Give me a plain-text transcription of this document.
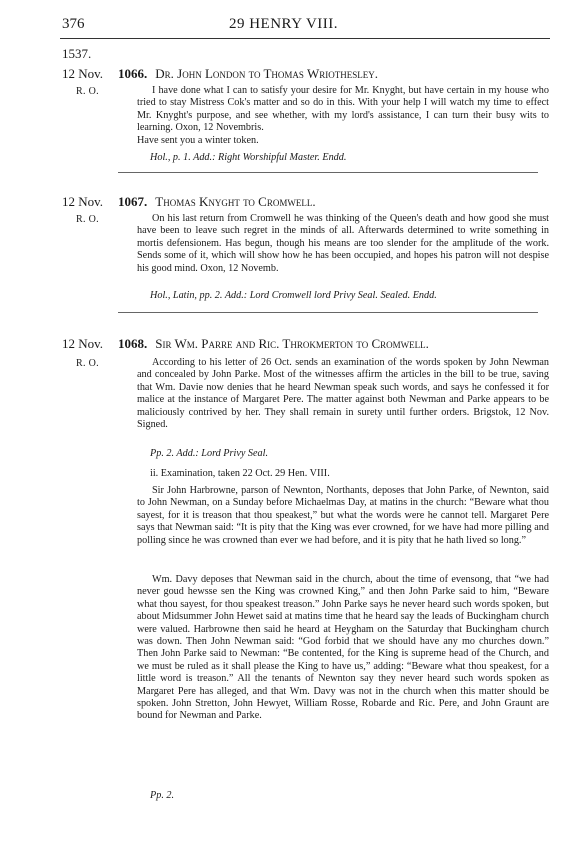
376	29 HENRY VIII.
1537.
12 Nov. 1066. Dr. John London to Thomas Wriothesley.
R. O.	I have done what I can to satisfy your desire for Mr. Knyght, but have certain in my house who tried to stay Mistress Cok's matter and so do in this. With your help I will watch my time to effect Mr. Knyght's purpose, and see whether, with my lord's assistance, I can turn their busy wits to learning. Oxon, 12 Novembris.

Have sent you a winter token.
Hol., p. 1. Add.: Right Worshipful Master. Endd.
12 Nov. 1067. Thomas Knyght to Cromwell.
R. O.	On his last return from Cromwell he was thinking of the Queen's death and how good she must have been to leave such regret in the minds of all. Afterwards determined to write something in mortis defensionem. Has begun, though his means are too slender for the amplitude of the work. Sends some of it, which will show how he has been occupied, and hopes his patron will not despise his good mind. Oxon, 12 Novemb.

Hol., Latin, pp. 2. Add.: Lord Cromwell lord Privy Seal. Sealed. Endd.
12 Nov. 1068. Sir Wm. Parre and Ric. Throkmerton to Cromwell.
R. O.	According to his letter of 26 Oct. sends an examination of the words spoken by John Newman and concealed by John Parke. Most of the witnesses affirm the articles in the bill to be true, saving that Wm. Davie now denies that he heard Newman speak such words, and says he confessed it for malice at the instance of Margaret Pere. The matter against both Newman and Parke appears to be maliciously contrived by her. They shall remain in surety until further orders. Brigstok, 12 Nov. Signed.

Pp. 2. Add.: Lord Privy Seal.
ii. Examination, taken 22 Oct. 29 Hen. VIII.

Sir John Harbrowne, parson of Newnton, Northants, deposes that John Parke, of Newnton, said to John Newman, on a Sunday before Michaelmas Day, at matins in the church: “Beware what thou sayest, for it is treason that thou speakest,” but what the words were he cannot tell. Margaret Pere says that Newman said: “It is pity that the King was ever crowned, for we have had more pilling and polling since he was crowned than ever we had before, and it is pity that he hath lived so long.”

Wm. Davy deposes that Newman said in the church, about the time of evensong, that “we had never goud hewsse sen the King was crowned King,” and then John Parke said to him, “Beware what thou sayest, for thou speakest treason.” John Parke says he never heard such words spoken, but about Midsummer John Hewet said at matins time that he heard say the leads of Buckingham church were valued. Harbrowne then said he heard at Heygham on the Saturday that Buckingham church was down. Then John Newman said: “God forbid that we should have any mo churches down.” Then John Parke said to Newman: “Be contented, for the King is supreme head of the Church, and we must be ruled as it shall please the King to have us,” adding: “Beware what thou speakest, for a little word is treason.” All the tenants of Newnton say they never heard such words spoken as Margaret Pere has alleged, and that Wm. Davy was not in the church when this matter should be spoken. John Stretton, John Hewyet, William Rosse, Robarde and Ric. Pere, and John Graunt are bound for Newman and Parke.

Pp. 2.
